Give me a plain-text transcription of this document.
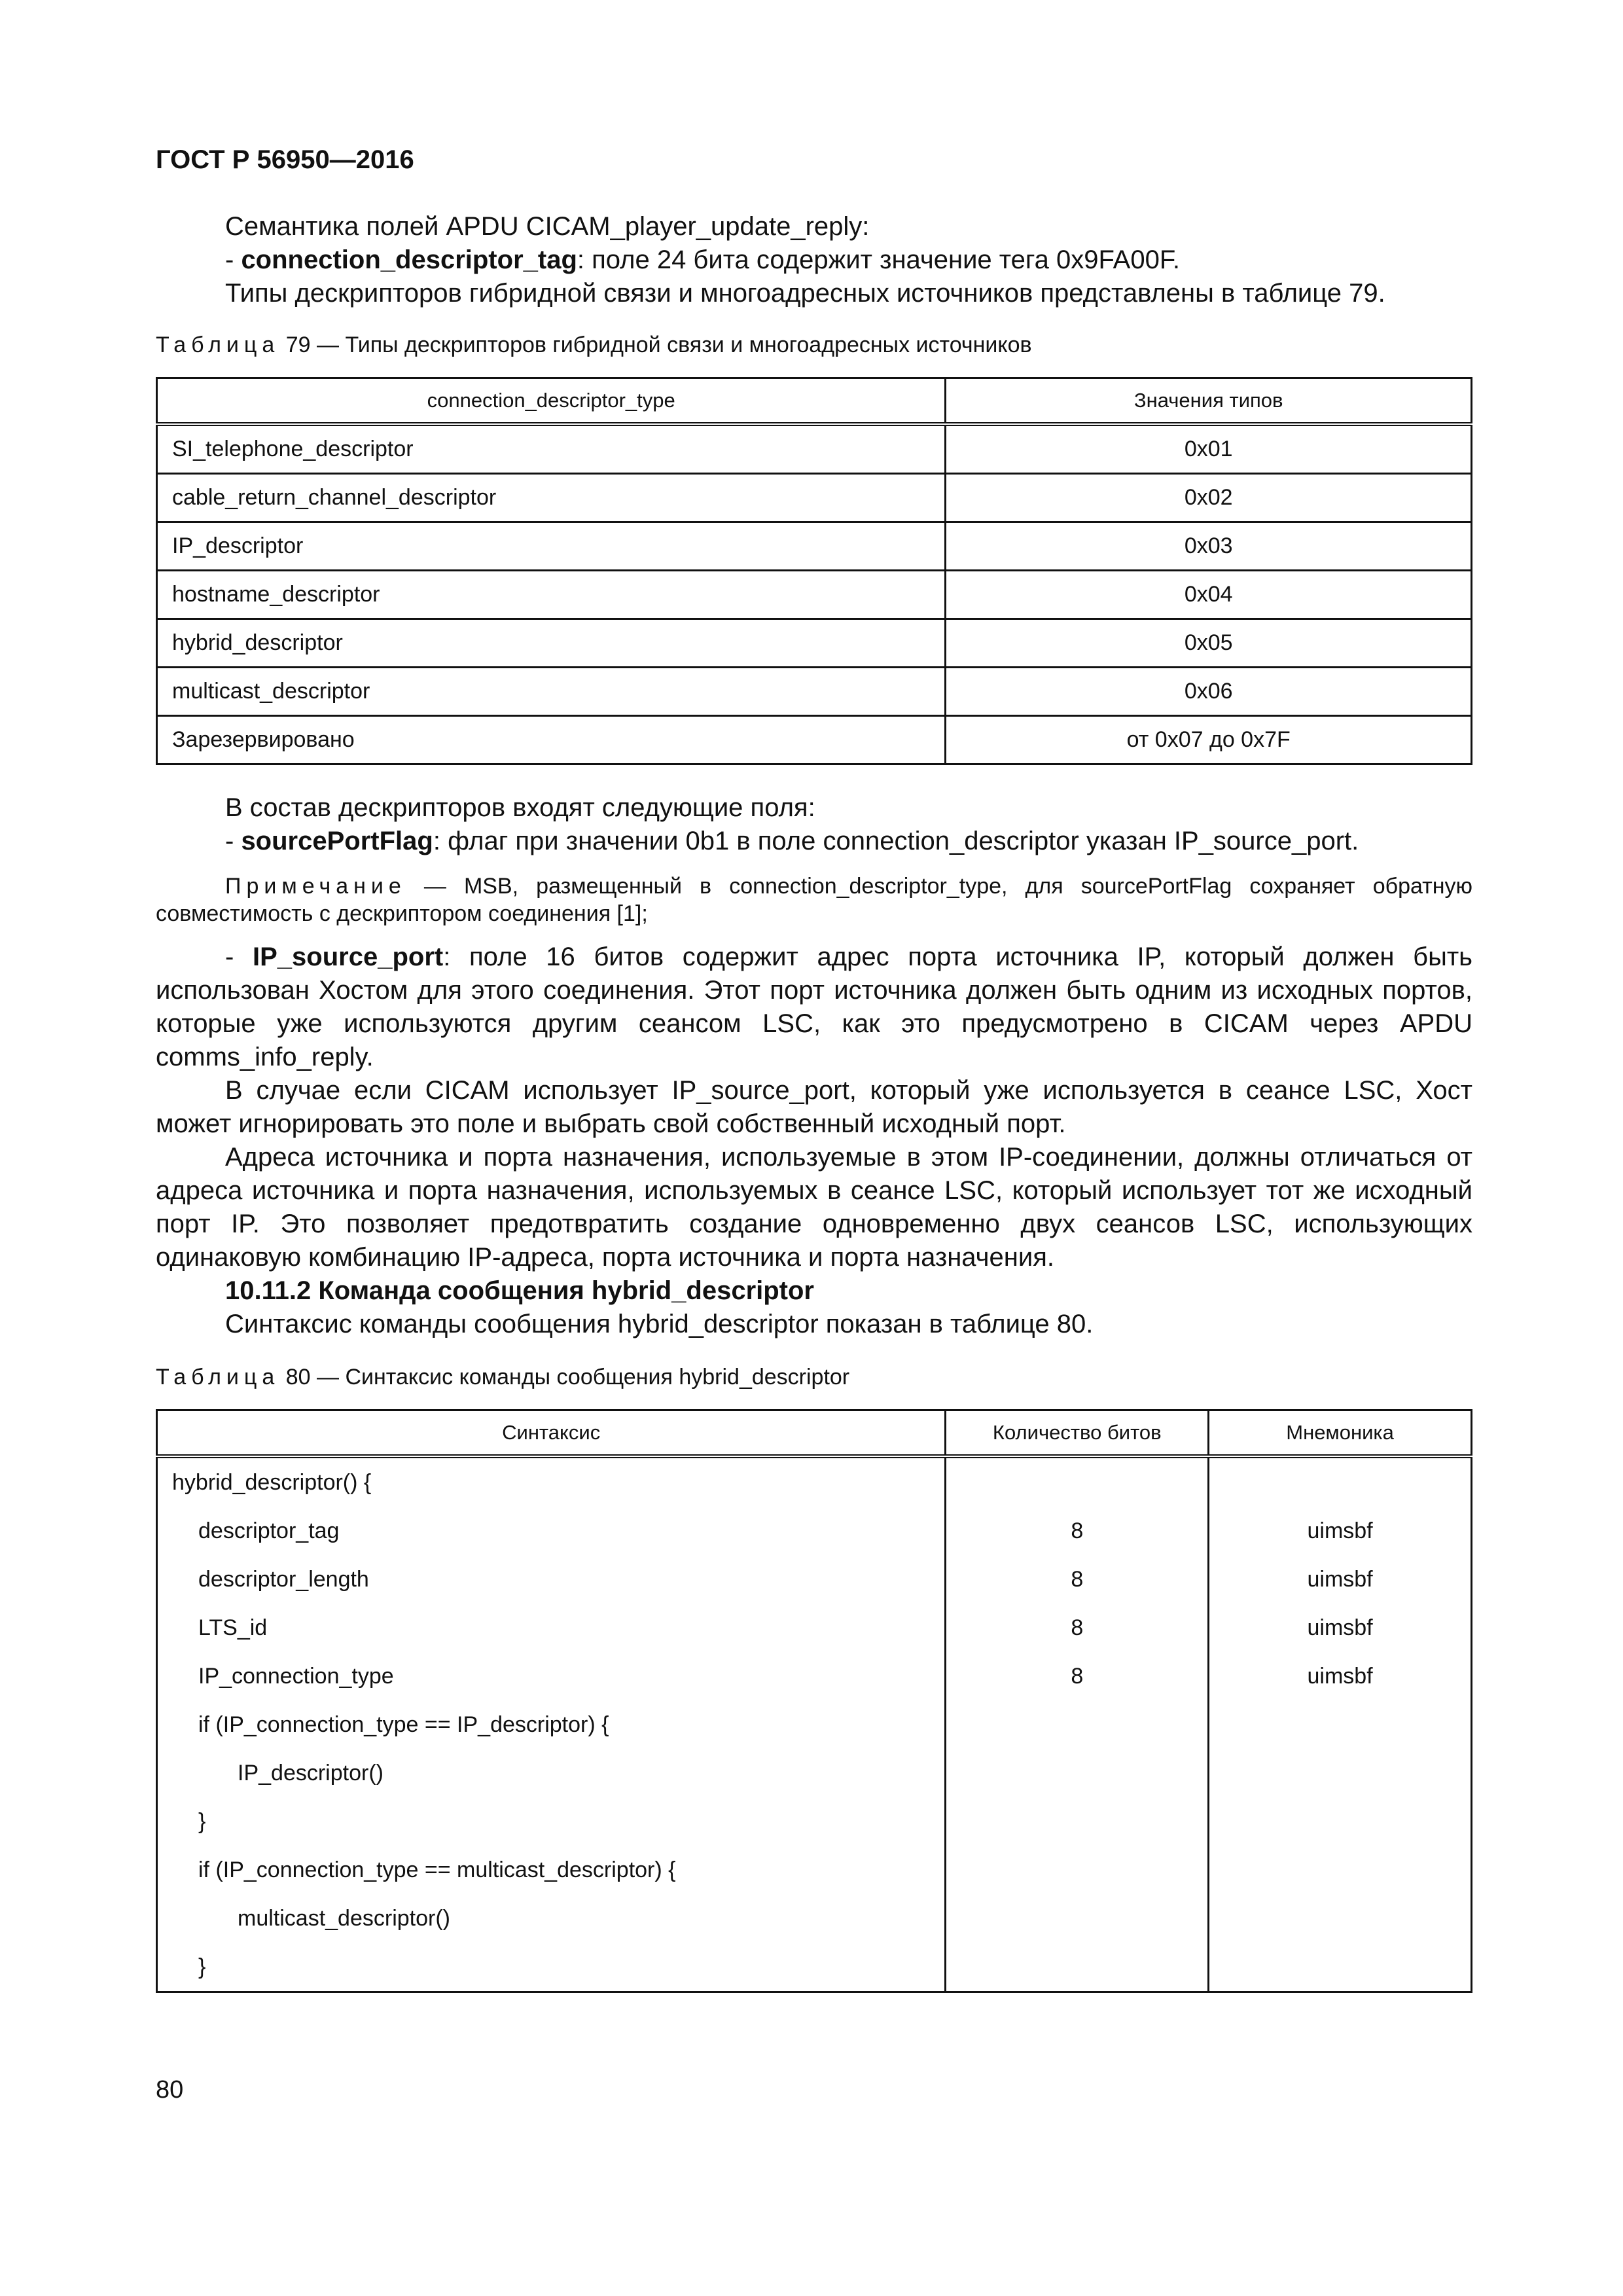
ГОСТ Р 56950—2016

Семантика полей APDU CICAM_player_update_reply:

- connection_descriptor_tag: поле 24 бита содержит значение тега 0x9FA00F.

Типы дескрипторов гибридной связи и многоадресных источников представлены в таблице 79.

Таблица 79 — Типы дескрипторов гибридной связи и многоадресных источников

connection_descriptor_type	Значения типов
SI_telephone_descriptor	0x01
cable_return_channel_descriptor	0x02
IP_descriptor	0x03
hostname_descriptor	0x04
hybrid_descriptor	0x05
multicast_descriptor	0x06
Зарезервировано	от 0x07 до 0x7F

В состав дескрипторов входят следующие поля:

- sourcePortFlag: флаг при значении 0b1 в поле connection_descriptor указан IP_source_port.

Примечание — MSB, размещенный в connection_descriptor_type, для sourcePortFlag сохраняет обратную совместимость с дескриптором соединения [1];

- IP_source_port: поле 16 битов содержит адрес порта источника IP, который должен быть использован Хостом для этого соединения. Этот порт источника должен быть одним из исходных портов, которые уже используются другим сеансом LSC, как это предусмотрено в CICAM через APDU comms_info_reply.

В случае если CICAM использует IP_source_port, который уже используется в сеансе LSC, Хост может игнорировать это поле и выбрать свой собственный исходный порт.

Адреса источника и порта назначения, используемые в этом IP-соединении, должны отличаться от адреса источника и порта назначения, используемых в сеансе LSC, который использует тот же исходный порт IP. Это позволяет предотвратить создание одновременно двух сеансов LSC, использующих одинаковую комбинацию IP-адреса, порта источника и порта назначения.

10.11.2 Команда сообщения hybrid_descriptor

Синтаксис команды сообщения hybrid_descriptor показан в таблице 80.

Таблица 80 — Синтаксис команды сообщения hybrid_descriptor

Синтаксис	Количество битов	Мнемоника
hybrid_descriptor() {		
descriptor_tag	8	uimsbf
descriptor_length	8	uimsbf
LTS_id	8	uimsbf
IP_connection_type	8	uimsbf
if (IP_connection_type == IP_descriptor) {		
IP_descriptor()		
}		
if (IP_connection_type == multicast_descriptor) {		
multicast_descriptor()		
}		
80
